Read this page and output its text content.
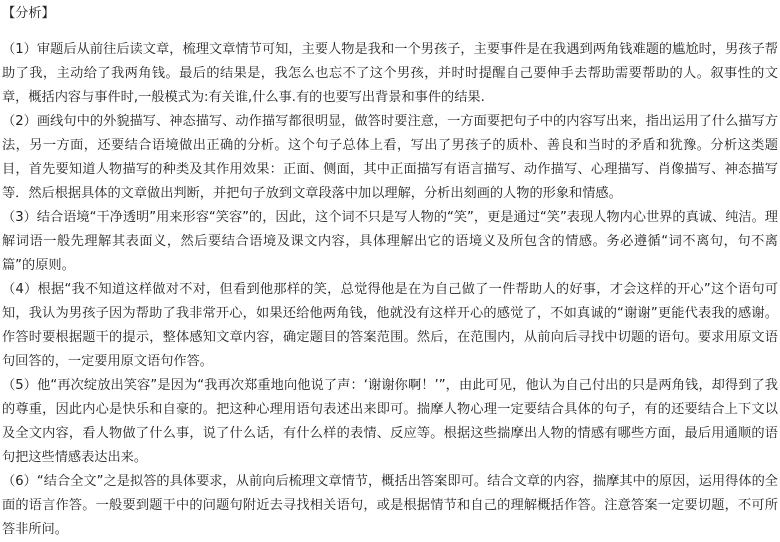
【分析】

（1）审题后从前往后读文章，梳理文章情节可知，主要人物是我和一个男孩子，主要事件是在我遇到两角钱难题的尴尬时，男孩子帮助了我，主动给了我两角钱。最后的结果是，我怎么也忘不了这个男孩，并时时提醒自己要伸手去帮助需要帮助的人。叙事性的文章，概括内容与事件时,一般模式为:有关谁,什么事.有的也要写出背景和事件的结果.

（2）画线句中的外貌描写、神态描写、动作描写都很明显，做答时要注意，一方面要把句子中的内容写出来，指出运用了什么描写方法，另一方面，还要结合语境做出正确的分析。这个句子总体上看，写出了男孩子的质朴、善良和当时的矛盾和犹豫。分析这类题目，首先要知道人物描写的种类及其作用效果：正面、侧面，其中正面描写有语言描写、动作描写、心理描写、肖像描写、神态描写等．然后根据具体的文章做出判断，并把句子放到文章段落中加以理解，分析出刻画的人物的形象和情感。

（3）结合语境“干净透明”用来形容“笑容”的，因此，这个词不只是写人物的“笑”，更是通过“笑”表现人物内心世界的真诚、纯洁。理解词语一般先理解其表面义，然后要结合语境及课文内容，具体理解出它的语境义及所包含的情感。务必遵循“词不离句，句不离篇”的原则。

（4）根据“我不知道这样做对不对，但看到他那样的笑，总觉得他是在为自己做了一件帮助人的好事，才会这样的开心”这个语句可知，我认为男孩子因为帮助了我非常开心，如果还给他两角钱，他就没有这样开心的感觉了，不如真诚的“谢谢”更能代表我的感谢。作答时要根据题干的提示，整体感知文章内容，确定题目的答案范围。然后，在范围内，从前向后寻找中切题的语句。要求用原文语句回答的，一定要用原文语句作答。

（5）他“再次绽放出笑容”是因为“我再次郑重地向他说了声：‘谢谢你啊！’”，由此可见，他认为自己付出的只是两角钱，却得到了我的尊重，因此内心是快乐和自豪的。把这种心理用语句表述出来即可。揣摩人物心理一定要结合具体的句子，有的还要结合上下文以及全文内容，看人物做了什么事，说了什么话，有什么样的表情、反应等。根据这些揣摩出人物的情感有哪些方面，最后用通顺的语句把这些情感表达出来。

（6）“结合全文”之是拟答的具体要求，从前向后梳理文章情节，概括出答案即可。结合文章的内容，揣摩其中的原因，运用得体的全面的语言作答。一般要到题干中的问题句附近去寻找相关语句，或是根据情节和自己的理解概括作答。注意答案一定要切题，不可所答非所问。
